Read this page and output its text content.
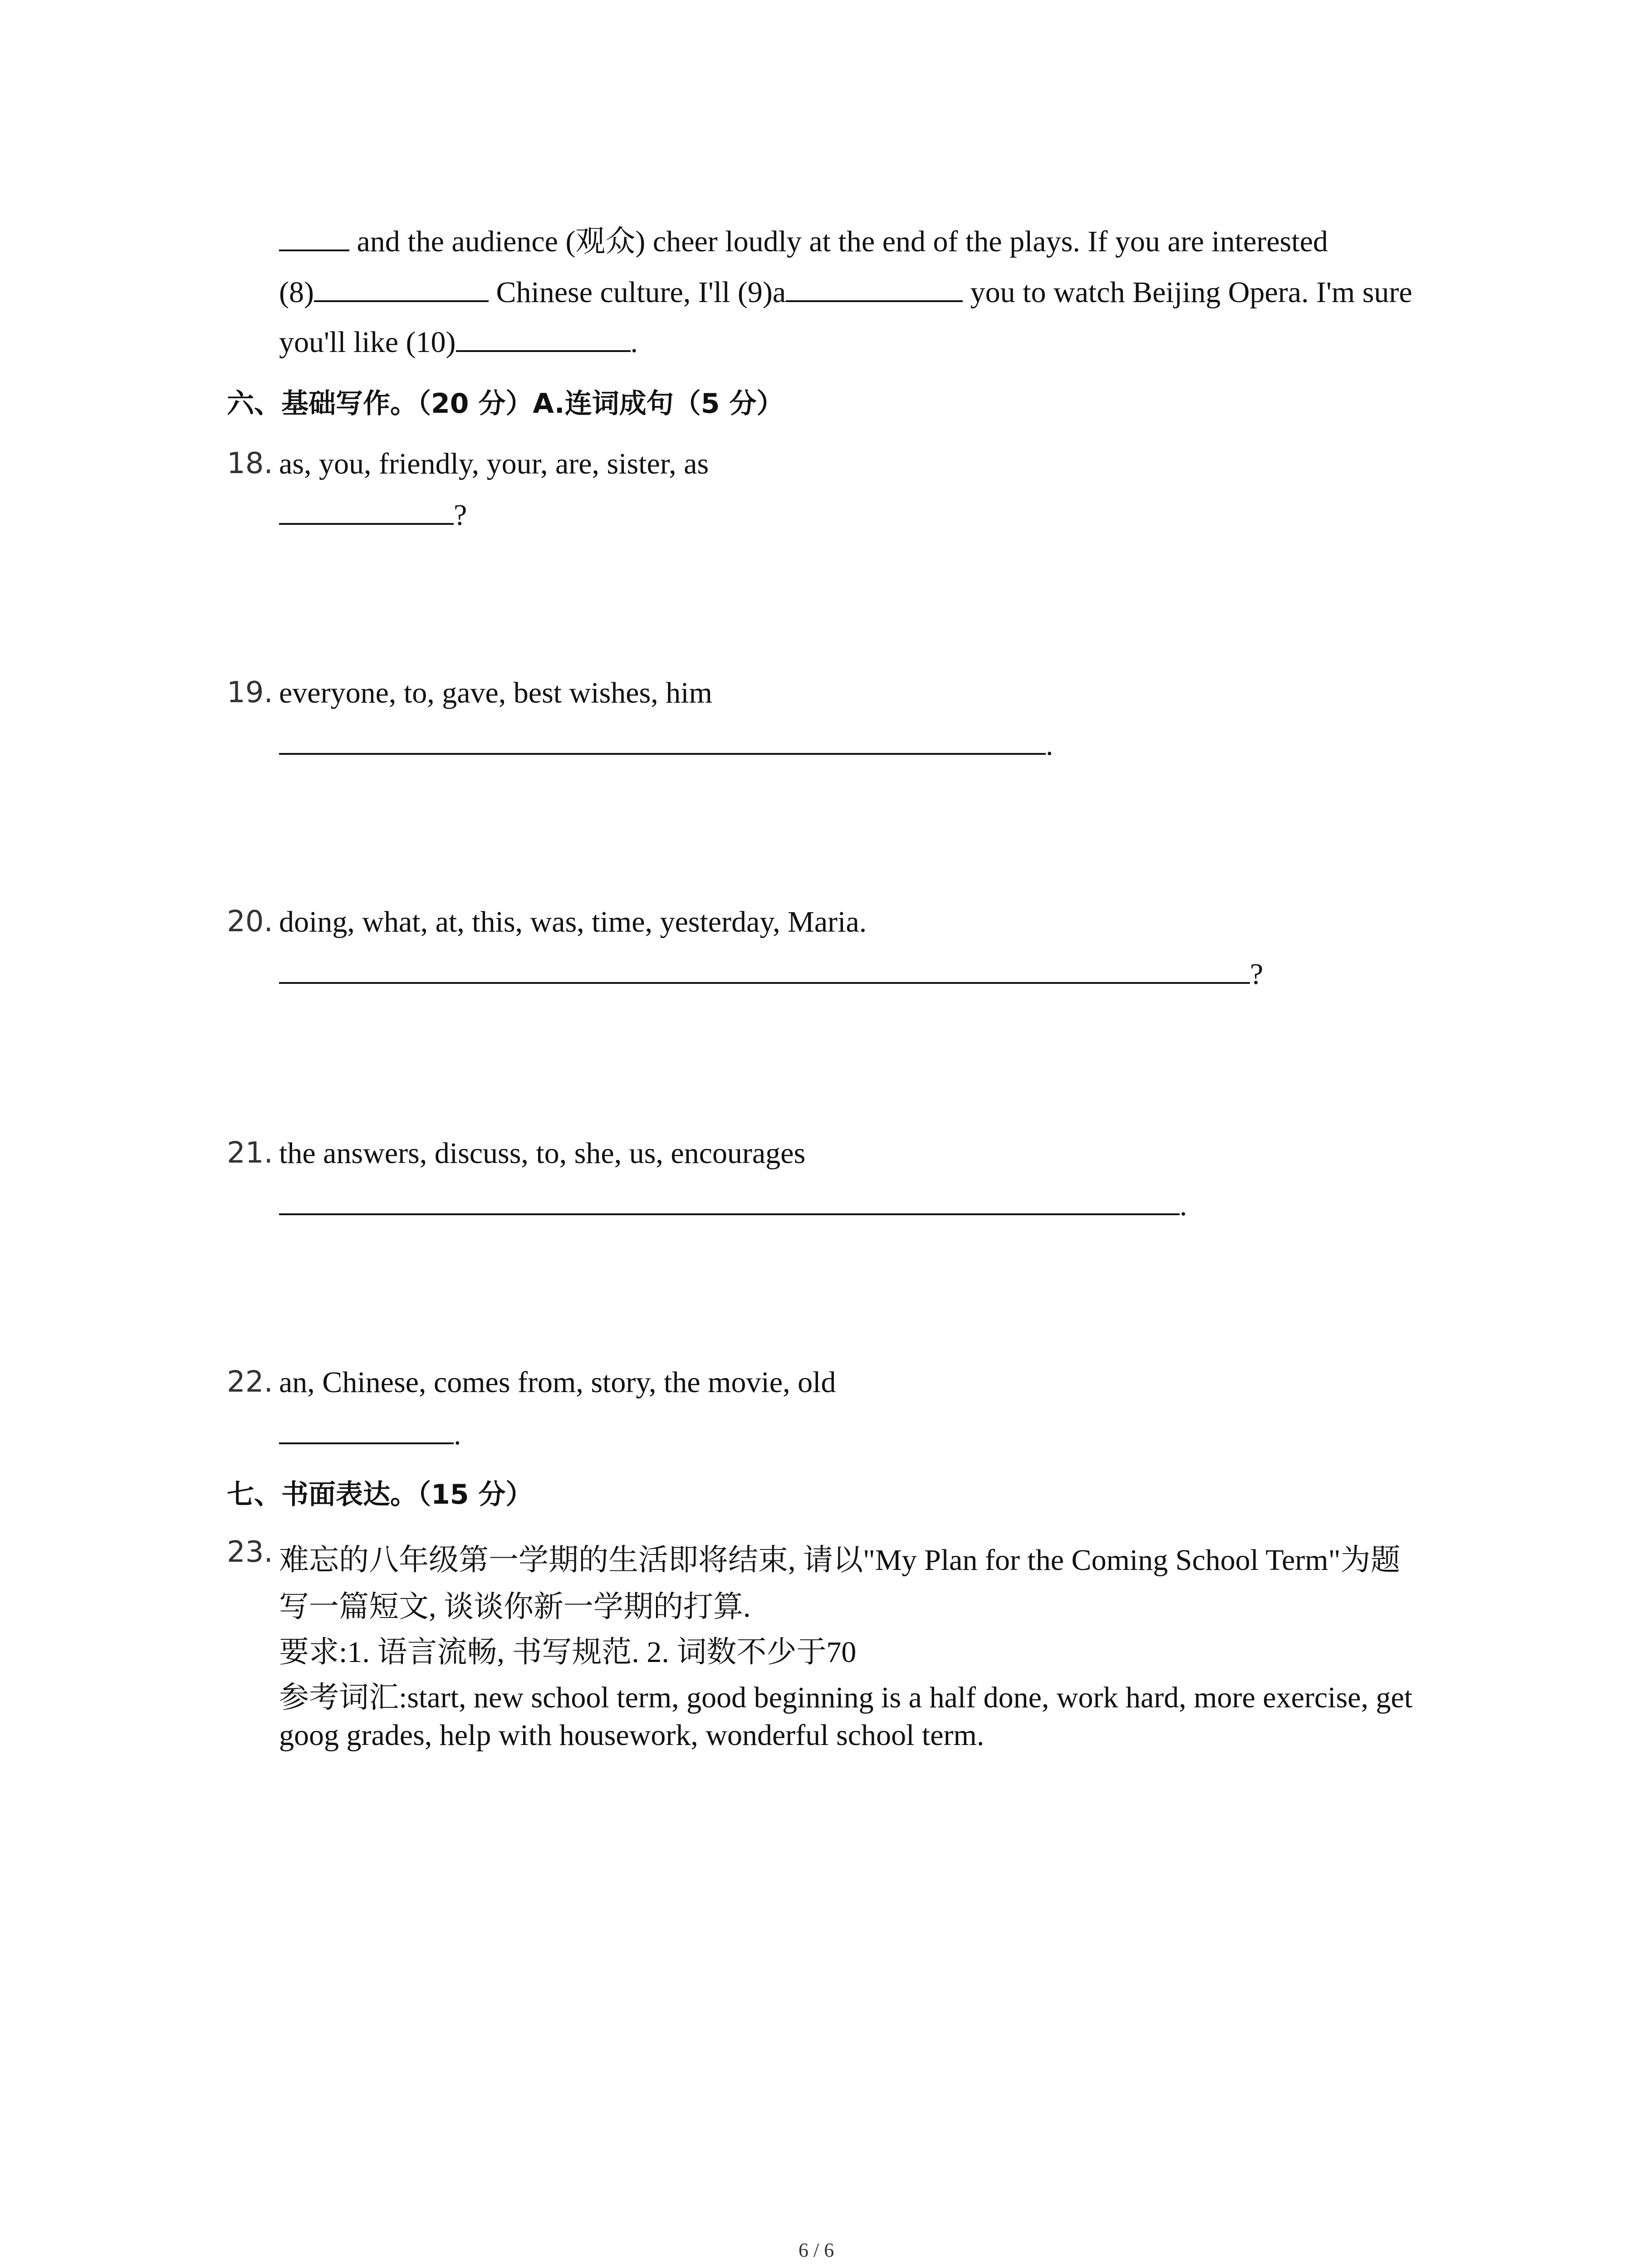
and the audience (观众) cheer loudly at the end of the plays. If you are interested
(8)	Chinese culture, I'll (9)a	you to watch Beijing Opera. I'm sure
you'll like (10)	.
六、基础写作。（20 分）A.连词成句（5 分）
18. as, you, friendly, your, are, sister, as
?
19. everyone, to, gave, best wishes, him
.
20. doing, what, at, this, was, time, yesterday, Maria.
?
21. the answers, discuss, to, she, us, encourages
.
22. an, Chinese, comes from, story, the movie, old
.
七、书面表达。（15 分）
23. 难忘的八年级第一学期的生活即将结束, 请以"My Plan for the Coming School Term"为题
写一篇短文, 谈谈你新一学期的打算.
要求:1. 语言流畅, 书写规范. 2. 词数不少于70
参考词汇:start, new school term, good beginning is a half done, work hard, more exercise, get
goog grades, help with housework, wonderful school term.
6 / 6
